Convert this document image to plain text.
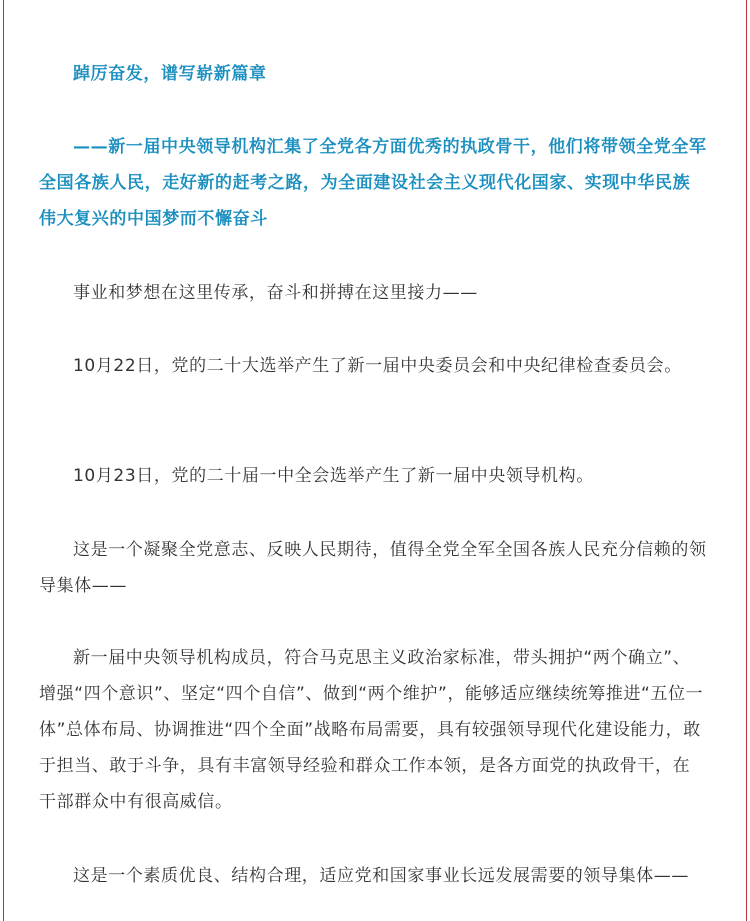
踔厉奋发，谱写崭新篇章

——新一届中央领导机构汇集了全党各方面优秀的执政骨干，他们将带领全党全军全国各族人民，走好新的赶考之路，为全面建设社会主义现代化国家、实现中华民族伟大复兴的中国梦而不懈奋斗

事业和梦想在这里传承，奋斗和拼搏在这里接力——

10月22日，党的二十大选举产生了新一届中央委员会和中央纪律检查委员会。

10月23日，党的二十届一中全会选举产生了新一届中央领导机构。

这是一个凝聚全党意志、反映人民期待，值得全党全军全国各族人民充分信赖的领导集体——

新一届中央领导机构成员，符合马克思主义政治家标准，带头拥护“两个确立”、增强“四个意识”、坚定“四个自信”、做到“两个维护”，能够适应继续统筹推进“五位一体”总体布局、协调推进“四个全面”战略布局需要，具有较强领导现代化建设能力，敢于担当、敢于斗争，具有丰富领导经验和群众工作本领，是各方面党的执政骨干，在干部群众中有很高威信。

这是一个素质优良、结构合理，适应党和国家事业长远发展需要的领导集体——
